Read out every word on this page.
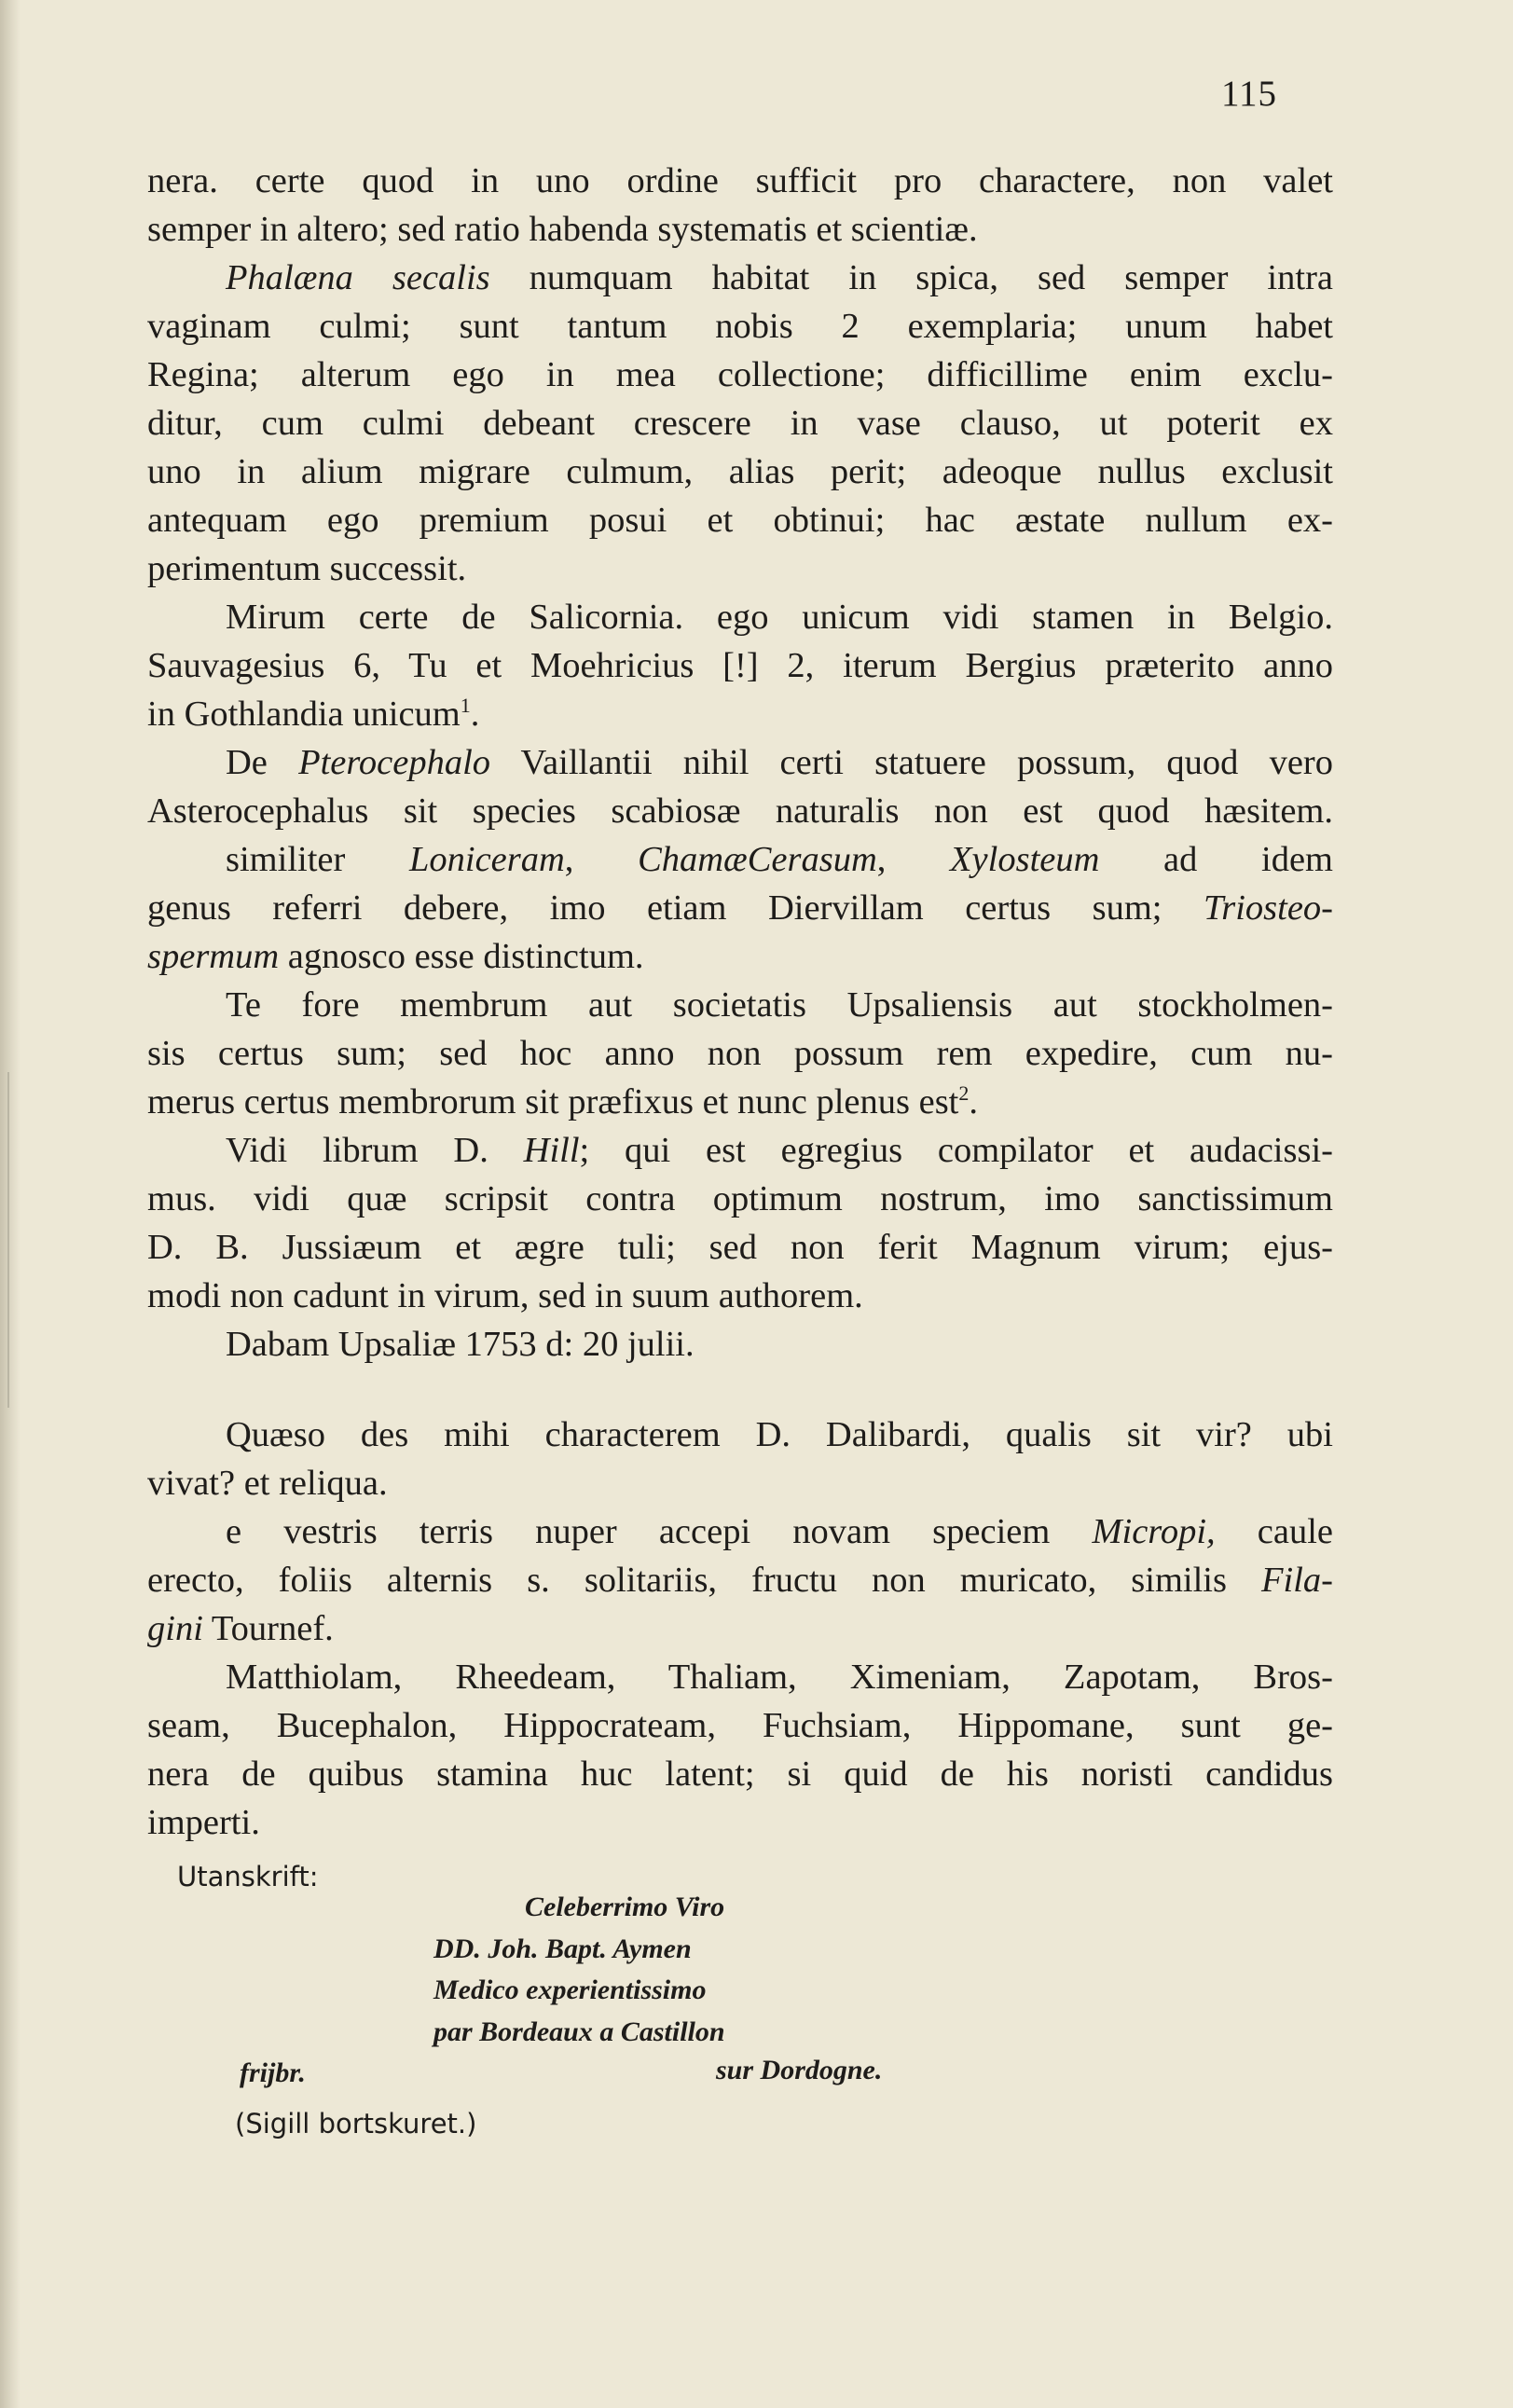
115
nera. certe quod in uno ordine sufficit pro charactere, non valet
semper in altero; sed ratio habenda systematis et scientiæ.
Phalæna secalis numquam habitat in spica, sed semper intra
vaginam culmi; sunt tantum nobis 2 exemplaria; unum habet
Regina; alterum ego in mea collectione; difficillime enim exclu-
ditur, cum culmi debeant crescere in vase clauso, ut poterit ex
uno in alium migrare culmum, alias perit; adeoque nullus exclusit
antequam ego premium posui et obtinui; hac æstate nullum ex-
perimentum successit.
Mirum certe de Salicornia. ego unicum vidi stamen in Belgio.
Sauvagesius 6, Tu et Moehricius [!] 2, iterum Bergius præterito anno
in Gothlandia unicum$^1$.
De Pterocephalo Vaillantii nihil certi statuere possum, quod vero
Asterocephalus sit species scabiosæ naturalis non est quod hæsitem.
similiter Loniceram, ChamæCerasum, Xylosteum ad idem
genus referri debere, imo etiam Diervillam certus sum; Triosteo-
spermum agnosco esse distinctum.
Te fore membrum aut societatis Upsaliensis aut stockholmen-
sis certus sum; sed hoc anno non possum rem expedire, cum nu-
merus certus membrorum sit præfixus et nunc plenus est$^2$.
Vidi librum D. Hill; qui est egregius compilator et audacissi-
mus. vidi quæ scripsit contra optimum nostrum, imo sanctissimum
D. B. Jussiæum et ægre tuli; sed non ferit Magnum virum; ejus-
modi non cadunt in virum, sed in suum authorem.
Dabam Upsaliæ 1753 d: 20 julii.
Quæso des mihi characterem D. Dalibardi, qualis sit vir? ubi
vivat? et reliqua.
e vestris terris nuper accepi novam speciem Micropi, caule
erecto, foliis alternis s. solitariis, fructu non muricato, similis Fila-
gini Tournef.
Matthiolam, Rheedeam, Thaliam, Ximeniam, Zapotam, Bros-
seam, Bucephalon, Hippocrateam, Fuchsiam, Hippomane, sunt ge-
nera de quibus stamina huc latent; si quid de his noristi candidus
imperti.
Utanskrift:
Celeberrimo Viro
DD. Joh. Bapt. Aymen
Medico experientissimo
par Bordeaux a Castillon
frijbr.	sur Dordogne.
(Sigill bortskuret.)
